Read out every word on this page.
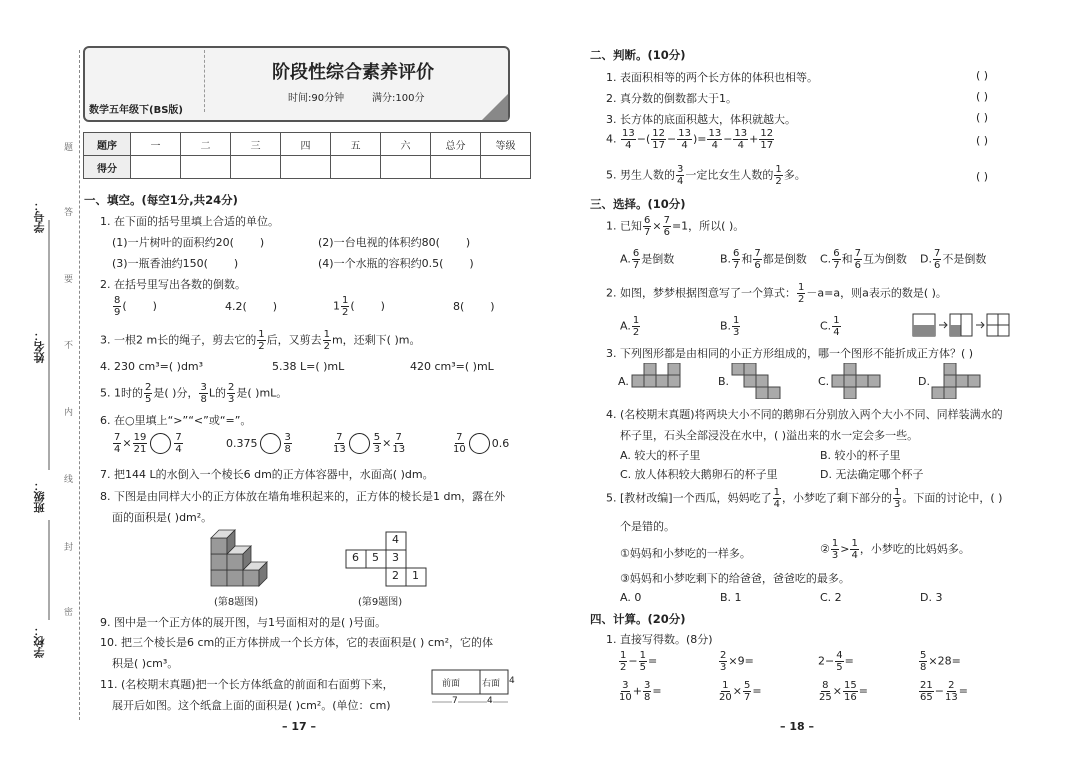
学号：
姓名：
班级：
学校：
题
答
要
不
内
线
封
密
阶段性综合素养评价
时间:90分钟	满分:100分
数学五年级下(BS版)
题序	一	二	三	四	五	六	总分	等级
得分								
一、填空。(每空1分,共24分)
1. 在下面的括号里填上合适的单位。
(1)一片树叶的面积约20( )	(2)一台电视的体积约80( )
(3)一瓶香油约150( )	(4)一个水瓶的容积约0.5( )
2. 在括号里写出各数的倒数。
$\frac{8}{9}$ ( )	4.2( )	$1 \frac{1}{2}$ ( )	8( )
3. 一根2 m长的绳子，剪去它的 $\frac{1}{2}$ 后，又剪去 $\frac{1}{2}$ m，还剩下( )m。
4. 230 cm³=( )dm³	5.38 L=( )mL	420 cm³=( )mL
5. 1时的 $\frac{2}{5}$ 是( )分， $\frac{3}{8}$ L的 $\frac{2}{3}$ 是( )mL。
6. 在○里填上“>”“<”或“=”。
$\frac{7}{4} \times \frac{19}{21}$	$\frac{7}{4}$	0.375	$\frac{3}{8}$	$\frac{7}{13}$	$\frac{5}{3} \times \frac{7}{13}$	$\frac{7}{10} 0.6$
7. 把144 L的水倒入一个棱长6 dm的正方体容器中，水面高( )dm。
8. 下图是由同样大小的正方体放在墙角堆积起来的，正方体的棱长是1 dm，露在外
面的面积是( )dm²。
(第8题图)
4
6 5 3
2 1
(第9题图)
9. 图中是一个正方体的展开图，与1号面相对的是( )号面。
10. 把三个棱长是6 cm的正方体拼成一个长方体，它的表面积是( ) cm²，它的体
积是( )cm³。
11. (名校期末真题)把一个长方体纸盒的前面和右面剪下来，
展开后如图。这个纸盒上面的面积是( )cm²。(单位：cm)
前面 右面 4
7	4
– 17 –
二、判断。(10分)
1. 表面积相等的两个长方体的体积也相等。	( )
2. 真分数的倒数都大于1。	( )
3. 长方体的底面积越大，体积就越大。	( )
4. $\frac{13}{4}$ −( $\frac{12}{17} - \frac{13}{4}$ )= $\frac{13}{4} - \frac{13}{4} + \frac{12}{17}$	( )
5. 男生人数的 $\frac{3}{4}$ 一定比女生人数的 $\frac{1}{2}$ 多。	( )
三、选择。(10分)
1. 已知 $\frac{6}{7} \times \frac{7}{6} =1$，所以( )。
A. $\frac{6}{7}$ 是倒数	B. $\frac{6}{7}$ 和 $\frac{7}{6}$ 都是倒数 C. $\frac{6}{7}$ 和 $\frac{7}{6}$ 互为倒数 D. $\frac{7}{6}$ 不是倒数
2. 如图，梦梦根据图意写了一个算式： $\frac{1}{2} -a=a$，则a表示的数是( )。
A. $\frac{1}{2}$	B. $\frac{1}{3}$	C. $\frac{1}{4}$
3. 下列图形都是由相同的小正方形组成的，哪一个图形不能折成正方体？( )
A.	B.	C.	D.
4. (名校期末真题)将两块大小不同的鹅卵石分别放入两个大小不同、同样装满水的
杯子里，石头全部浸没在水中，( )溢出来的水一定会多一些。
A. 较大的杯子里	B. 较小的杯子里
C. 放人体积较大鹅卵石的杯子里	D. 无法确定哪个杯子
5. [教材改编]一个西瓜，妈妈吃了 $\frac{1}{4}$ ，小梦吃了剩下部分的 $\frac{1}{3}$ 。下面的讨论中，( )
个是错的。
①妈妈和小梦吃的一样多。	② $\frac{1}{3} > \frac{1}{4}$ ，小梦吃的比妈妈多。
③妈妈和小梦吃剩下的给爸爸，爸爸吃的最多。
A. 0	B. 1	C. 2	D. 3
四、计算。(20分)
1. 直接写得数。(8分)
$\frac{1}{2} - \frac{1}{5}$ =	$\frac{2}{3} \times 9=$	$2- \frac{4}{5}$ =	$\frac{5}{8} \times 28=$
$\frac{3}{10} + \frac{3}{8}$ =	$\frac{1}{20} \times \frac{5}{7}$ =	$\frac{8}{25} \times \frac{15}{16}$ =	$\frac{21}{65} - \frac{2}{13}$ =
– 18 –
